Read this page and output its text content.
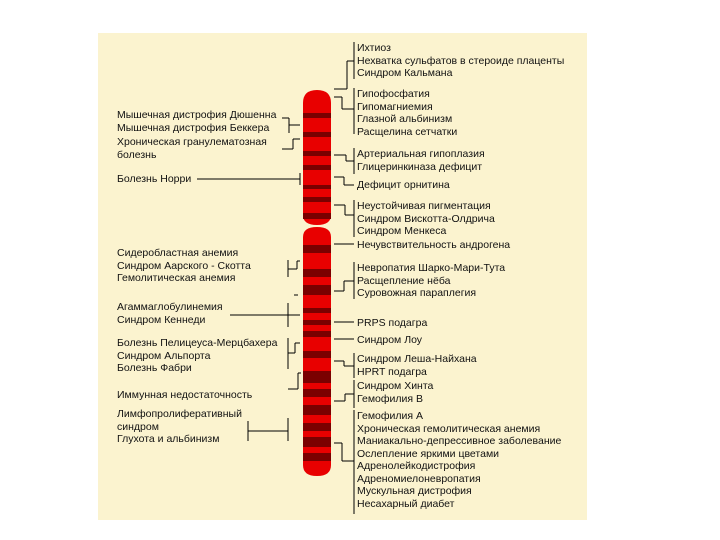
Мышечная дистрофия Дюшенна
Мышечная дистрофия Беккера
Хроническая гранулематозная
болезнь
Болезнь Норри
Сидеробластная анемия
Синдром Аарского - Скотта
Гемолитическая анемия
Агаммаглобулинемия
Синдром Кеннеди
Болезнь Пелицеуса-Мерцбахера
Синдром Альпорта
Болезнь Фабри
Иммунная недостаточность
Лимфопролиферативный
синдром
Глухота и альбинизм
Ихтиоз
Нехватка сульфатов в стероиде плаценты
Синдром Кальмана
Гипофосфатия
Гипомагниемия
Глазной альбинизм
Расщелина сетчатки
Артериальная гипоплазия
Глицеринкиназа дефицит
Дефицит орнитина
Неустойчивая пигментация
Синдром Вискотта-Олдрича
Синдром Менкеса
Нечувствительность андрогена
Невропатия Шарко-Мари-Тута
Расщепление нёба
Суровожная параплегия
PRPS подагра
Синдром Лоу
Синдром Леша-Найхана
HPRT подагра
Синдром Хинта
Гемофилия В
Гемофилия А
Хроническая гемолитическая анемия
Маниакально-депрессивное заболевание
Ослепление яркими цветами
Адренолейкодистрофия
Адреномиелоневропатия
Мускульная дистрофия
Несахарный диабет
